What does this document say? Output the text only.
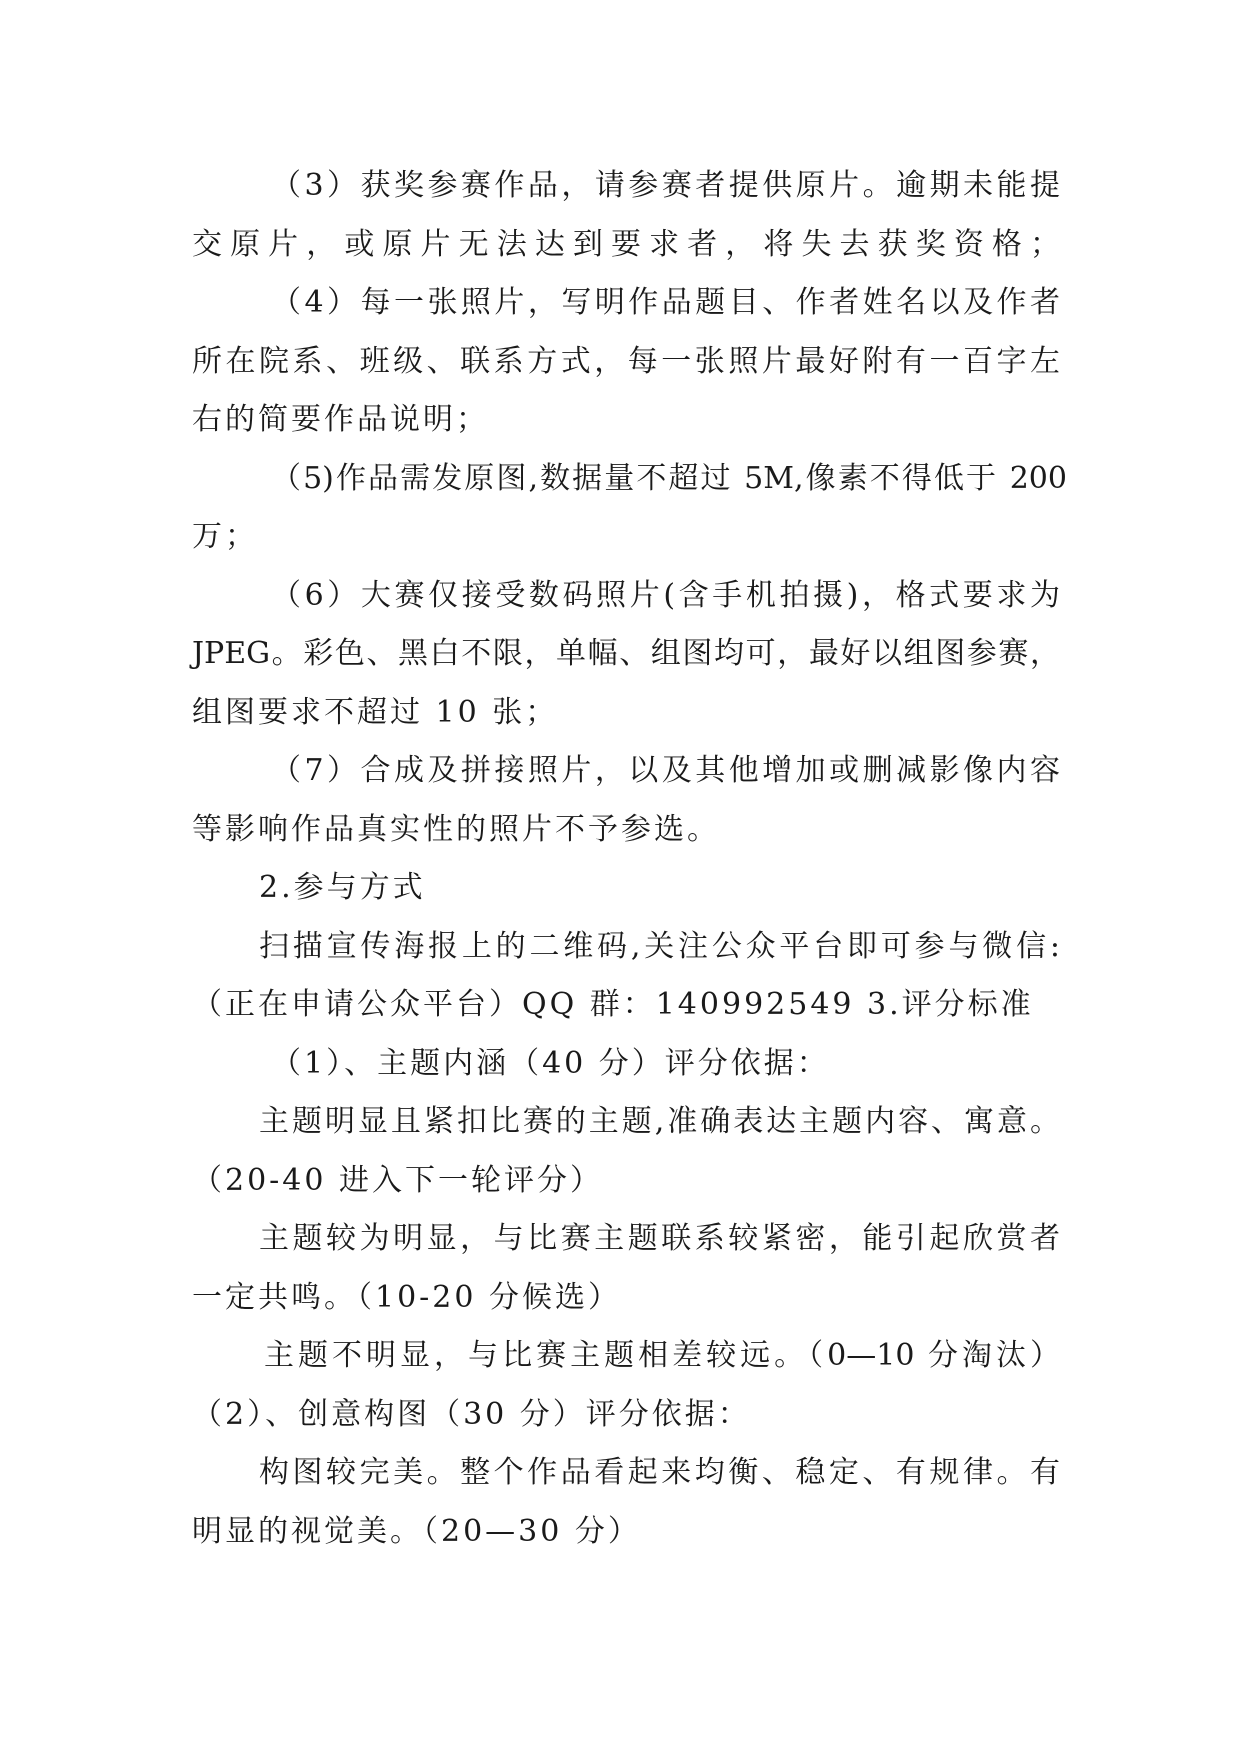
（3）获奖参赛作品，请参赛者提供原片。逾期未能提
交原片，或原片无法达到要求者，将失去获奖资格；
（4）每一张照片，写明作品题目、作者姓名以及作者
所在院系、班级、联系方式，每一张照片最好附有一百字左
右的简要作品说明；
（5)作品需发原图,数据量不超过 5M,像素不得低于 200
万；
（6）大赛仅接受数码照片(含手机拍摄)，格式要求为
JPEG。彩色、黑白不限，单幅、组图均可，最好以组图参赛，
组图要求不超过 10 张；
（7）合成及拼接照片，以及其他增加或删减影像内容
等影响作品真实性的照片不予参选。
2.参与方式
扫描宣传海报上的二维码,关注公众平台即可参与微信:
（正在申请公众平台）QQ 群：140992549 3.评分标准
（1）、主题内涵（40 分）评分依据：
主题明显且紧扣比赛的主题,准确表达主题内容、寓意。
（20-40 进入下一轮评分）
主题较为明显，与比赛主题联系较紧密，能引起欣赏者
一定共鸣。（10-20 分候选）
主题不明显，与比赛主题相差较远。（0—10 分淘汰）
（2）、创意构图（30 分）评分依据：
构图较完美。整个作品看起来均衡、稳定、有规律。有
明显的视觉美。（20—30 分）
